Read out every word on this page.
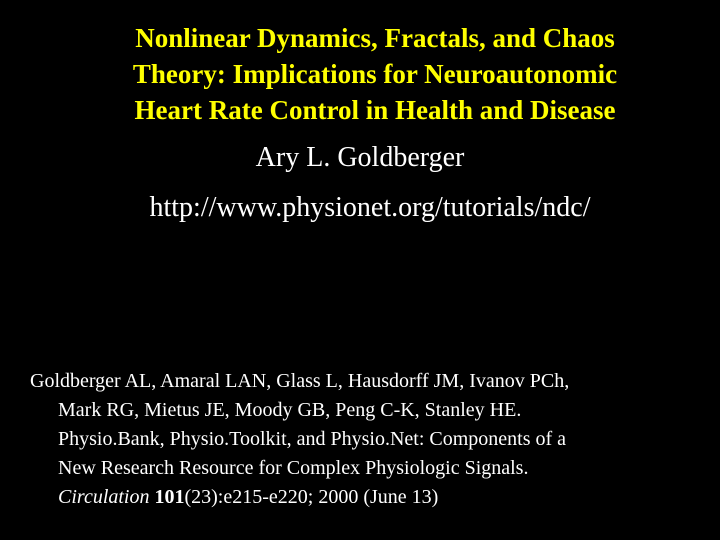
Nonlinear Dynamics, Fractals, and Chaos
Theory: Implications for Neuroautonomic
Heart Rate Control in Health and Disease
Ary L. Goldberger
http://www.physionet.org/tutorials/ndc/
Goldberger AL, Amaral LAN, Glass L, Hausdorff JM, Ivanov PCh,
Mark RG, Mietus JE, Moody GB, Peng C-K, Stanley HE.
Physio.Bank, Physio.Toolkit, and Physio.Net: Components of a
New Research Resource for Complex Physiologic Signals.
Circulation 101(23):e215-e220; 2000 (June 13)
